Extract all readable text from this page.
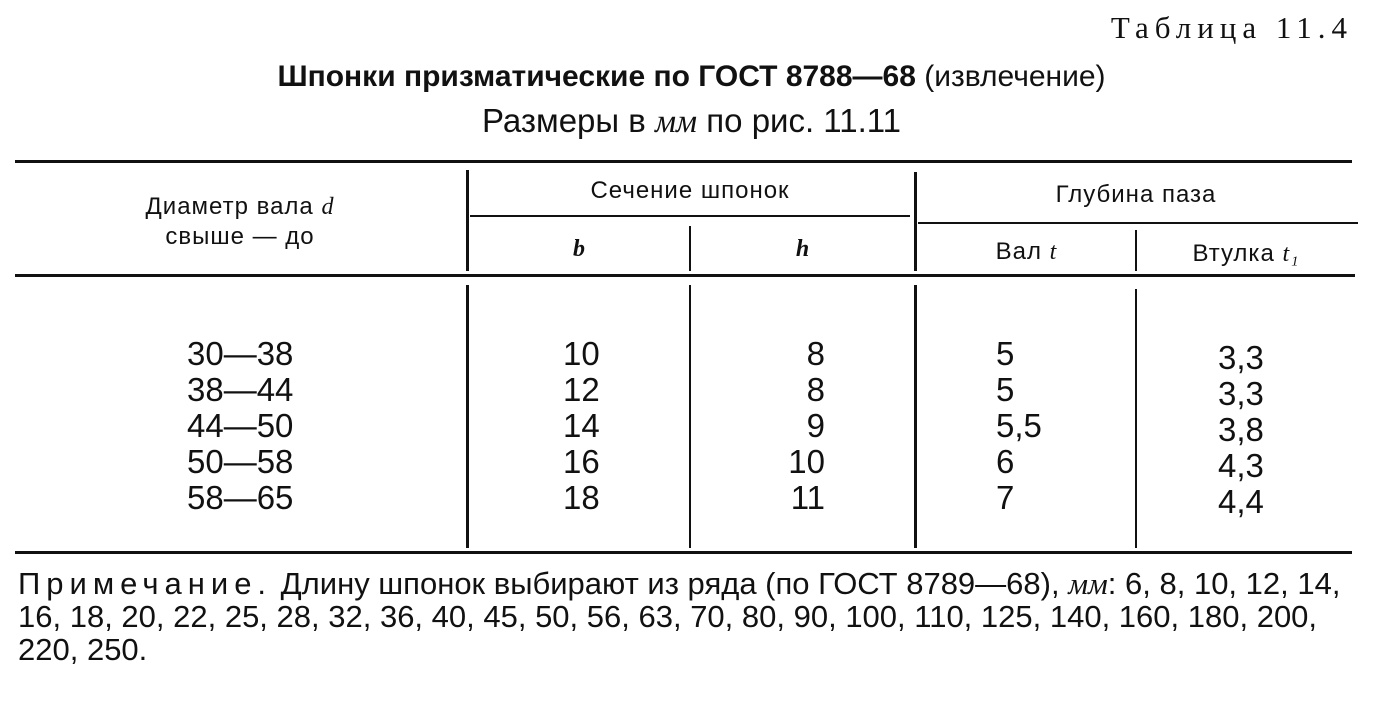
Таблица 11.4
Шпонки призматические по ГОСТ 8788—68 (извлечение)
Размеры в мм по рис. 11.11
Диаметр вала d
свыше — до
Сечение шпонок
b	h
Глубина паза
Вал t	Втулка t₁
30—38
38—44
44—50
50—58
58—65
10
12
14
16
18
8
8
9
10
11
5
5
5,5
6
7
3,3
3,3
3,8
4,3
4,4
Примечание. Длину шпонок выбирают из ряда (по ГОСТ 8789—68), мм: 6, 8, 10, 12, 14, 16, 18, 20, 22, 25, 28, 32, 36, 40, 45, 50, 56, 63, 70, 80, 90, 100, 110, 125, 140, 160, 180, 200, 220, 250.
